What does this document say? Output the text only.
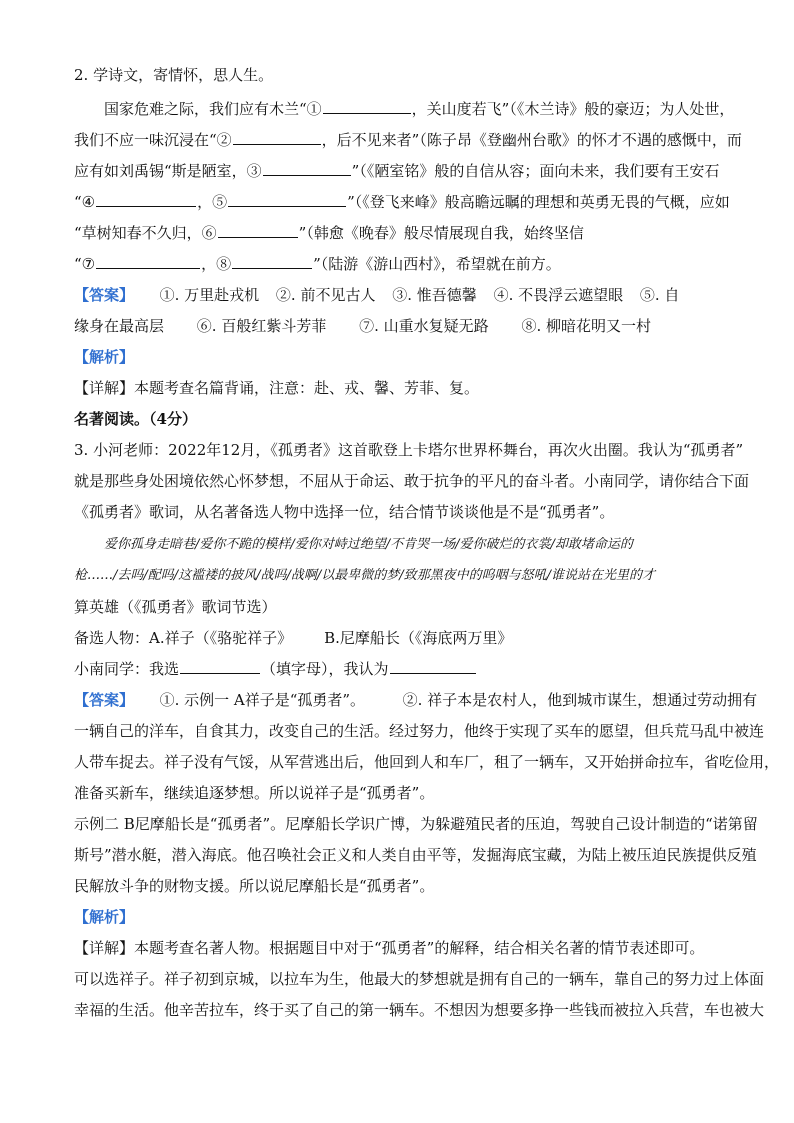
2. 学诗文，寄情怀，思人生。
国家危难之际，我们应有木兰“①	，关山度若飞”（《木兰诗》般的豪迈；为人处世，
我们不应一味沉浸在“②	，后不见来者”（陈子昂《登幽州台歌》的怀才不遇的感慨中，而
应有如刘禹锡“斯是陋室，③	”（《陋室铭》般的自信从容；面向未来，我们要有王安石
“④	，⑤	”（《登飞来峰》般高瞻远瞩的理想和英勇无畏的气概，应如
“草树知春不久归，⑥	”（韩愈《晚春》般尽情展现自我，始终坚信
“⑦	，⑧	”（陆游《游山西村》，希望就在前方。
【答案】 ①. 万里赴戎机 ②. 前不见古人 ③. 惟吾德馨 ④. 不畏浮云遮望眼 ⑤. 自
缘身在最高层 ⑥. 百般红紫斗芳菲 ⑦. 山重水复疑无路 ⑧. 柳暗花明又一村
【解析】
【详解】本题考查名篇背诵，注意：赴、戎、馨、芳菲、复。
名著阅读。（4分）
3. 小河老师：2022年12月，《孤勇者》这首歌登上卡塔尔世界杯舞台，再次火出圈。我认为“孤勇者”
就是那些身处困境依然心怀梦想，不屈从于命运、敢于抗争的平凡的奋斗者。小南同学，请你结合下面
《孤勇者》歌词，从名著备选人物中选择一位，结合情节谈谈他是不是“孤勇者”。
爱你孤身走暗巷/爱你不跪的模样/爱你对峙过绝望/不肯哭一场/爱你破烂的衣裳/却敢堵命运的
枪……/去吗/配吗/这褴褛的披风/战吗/战啊/以最卑微的梦/致那黑夜中的呜咽与怒吼/谁说站在光里的才
算英雄（《孤勇者》歌词节选）
备选人物：A.祥子（《骆驼祥子》 B.尼摩船长（《海底两万里》
小南同学：我选	（填字母），我认为
【答案】 ①. 示例一 A祥子是“孤勇者”。	②. 祥子本是农村人，他到城市谋生，想通过劳动拥有
一辆自己的洋车，自食其力，改变自己的生活。经过努力，他终于实现了买车的愿望，但兵荒马乱中被连
人带车捉去。祥子没有气馁，从军营逃出后，他回到人和车厂，租了一辆车，又开始拼命拉车，省吃俭用，
准备买新车，继续追逐梦想。所以说祥子是“孤勇者”。
示例二 B尼摩船长是“孤勇者”。尼摩船长学识广博，为躲避殖民者的压迫，驾驶自己设计制造的“诺第留
斯号”潜水艇，潜入海底。他召唤社会正义和人类自由平等，发掘海底宝藏，为陆上被压迫民族提供反殖
民解放斗争的财物支援。所以说尼摩船长是“孤勇者”。
【解析】
【详解】本题考查名著人物。根据题目中对于“孤勇者”的解释，结合相关名著的情节表述即可。
可以选祥子。祥子初到京城，以拉车为生，他最大的梦想就是拥有自己的一辆车，靠自己的努力过上体面
幸福的生活。他辛苦拉车，终于买了自己的第一辆车。不想因为想要多挣一些钱而被拉入兵营，车也被大
